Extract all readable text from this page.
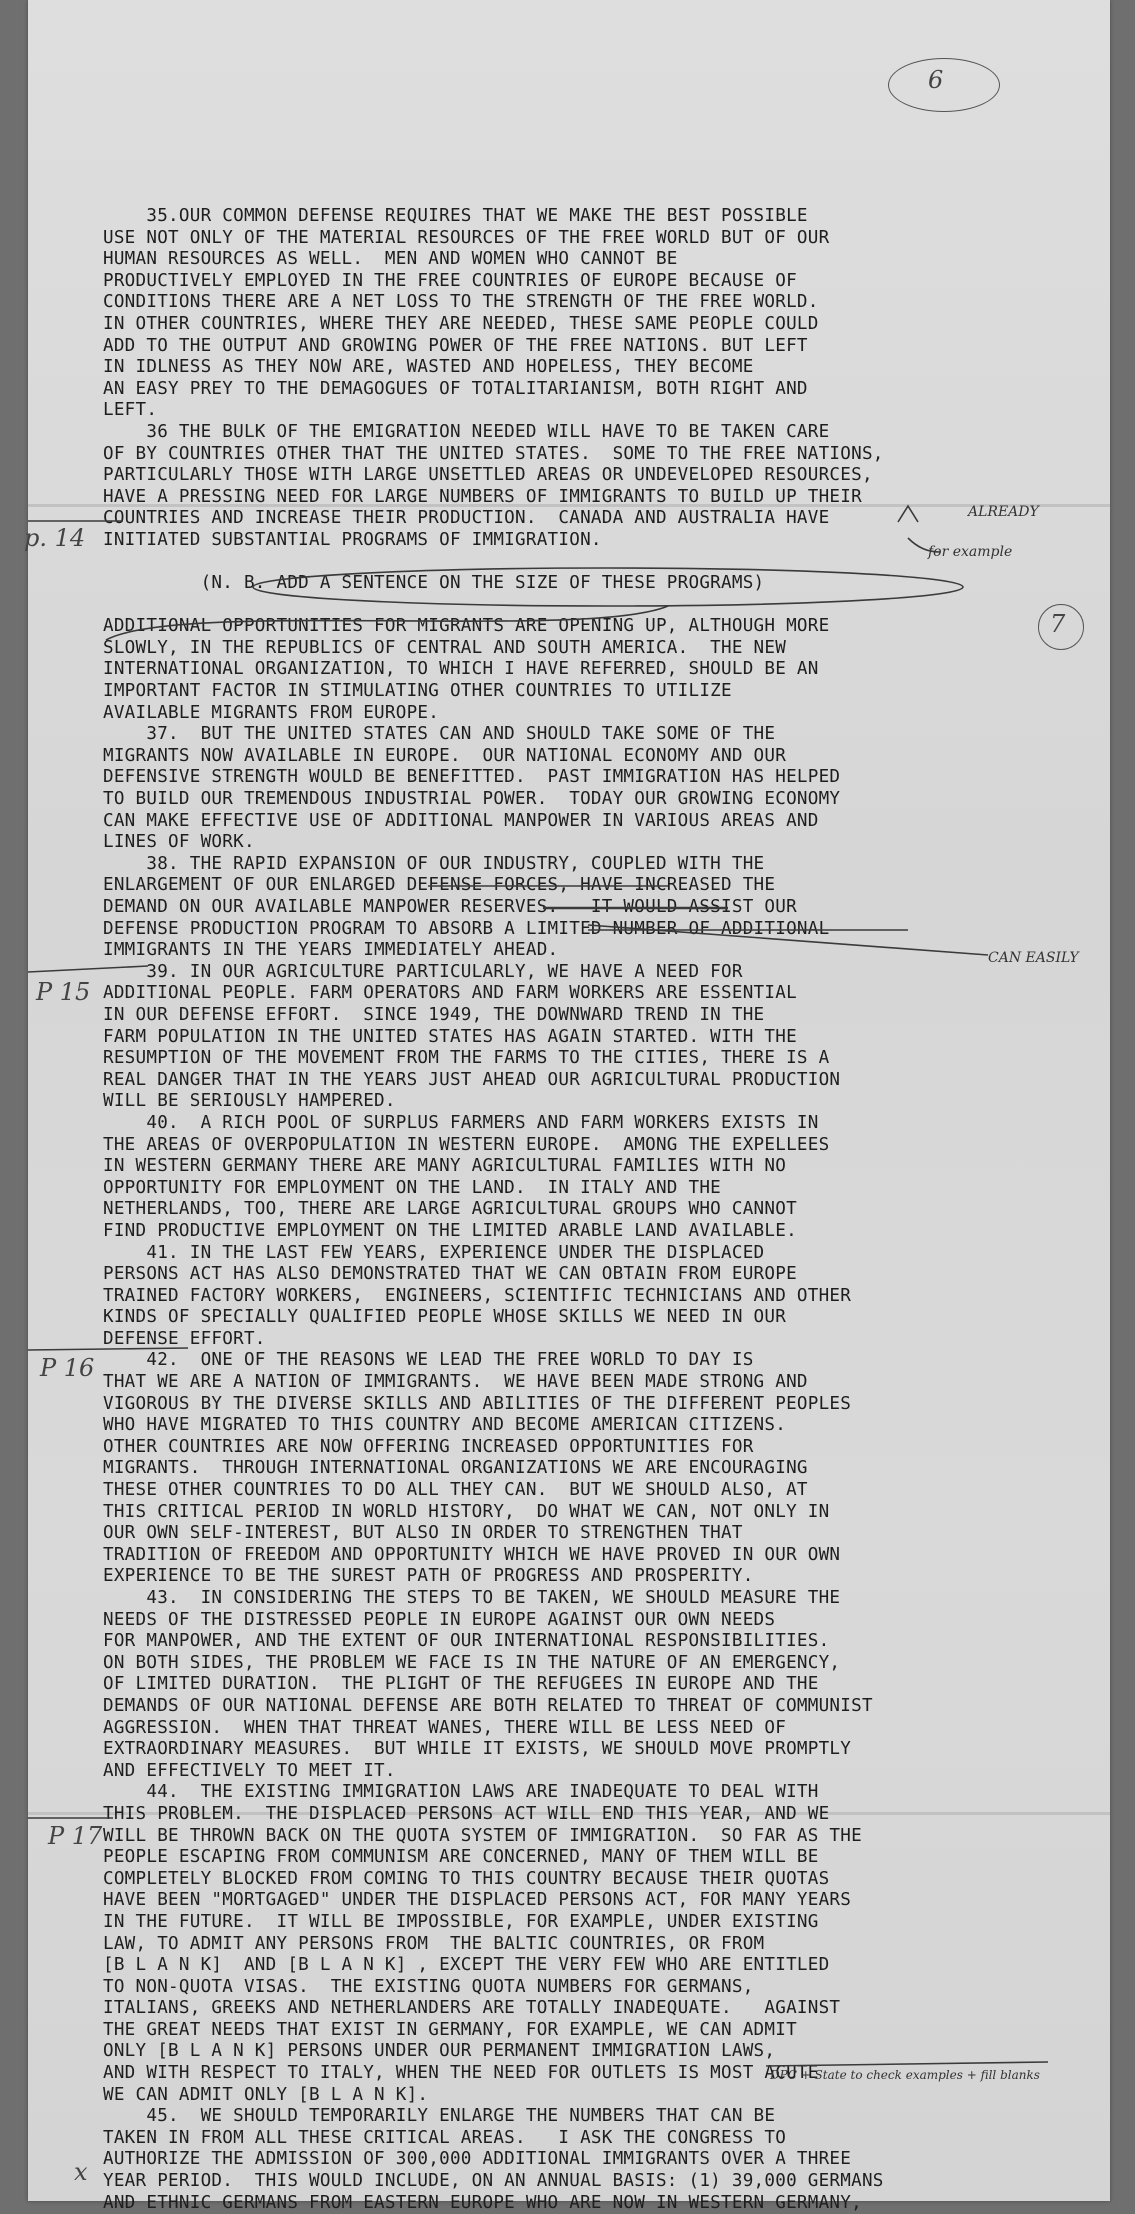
35.OUR COMMON DEFENSE REQUIRES THAT WE MAKE THE BEST POSSIBLE
USE NOT ONLY OF THE MATERIAL RESOURCES OF THE FREE WORLD BUT OF OUR
HUMAN RESOURCES AS WELL.  MEN AND WOMEN WHO CANNOT BE
PRODUCTIVELY EMPLOYED IN THE FREE COUNTRIES OF EUROPE BECAUSE OF
CONDITIONS THERE ARE A NET LOSS TO THE STRENGTH OF THE FREE WORLD.
IN OTHER COUNTRIES, WHERE THEY ARE NEEDED, THESE SAME PEOPLE COULD
ADD TO THE OUTPUT AND GROWING POWER OF THE FREE NATIONS. BUT LEFT
IN IDLNESS AS THEY NOW ARE, WASTED AND HOPELESS, THEY BECOME
AN EASY PREY TO THE DEMAGOGUES OF TOTALITARIANISM, BOTH RIGHT AND
LEFT.
36 THE BULK OF THE EMIGRATION NEEDED WILL HAVE TO BE TAKEN CARE
OF BY COUNTRIES OTHER THAT THE UNITED STATES.  SOME TO THE FREE NATIONS,
PARTICULARLY THOSE WITH LARGE UNSETTLED AREAS OR UNDEVELOPED RESOURCES,
HAVE A PRESSING NEED FOR LARGE NUMBERS OF IMMIGRANTS TO BUILD UP THEIR
COUNTRIES AND INCREASE THEIR PRODUCTION.  CANADA AND AUSTRALIA HAVE
INITIATED SUBSTANTIAL PROGRAMS OF IMMIGRATION.
(N. B. ADD A SENTENCE ON THE SIZE OF THESE PROGRAMS)
ADDITIONAL OPPORTUNITIES FOR MIGRANTS ARE OPENING UP, ALTHOUGH MORE
SLOWLY, IN THE REPUBLICS OF CENTRAL AND SOUTH AMERICA.  THE NEW
INTERNATIONAL ORGANIZATION, TO WHICH I HAVE REFERRED, SHOULD BE AN
IMPORTANT FACTOR IN STIMULATING OTHER COUNTRIES TO UTILIZE
AVAILABLE MIGRANTS FROM EUROPE.
37.  BUT THE UNITED STATES CAN AND SHOULD TAKE SOME OF THE
MIGRANTS NOW AVAILABLE IN EUROPE.  OUR NATIONAL ECONOMY AND OUR
DEFENSIVE STRENGTH WOULD BE BENEFITTED.  PAST IMMIGRATION HAS HELPED
TO BUILD OUR TREMENDOUS INDUSTRIAL POWER.  TODAY OUR GROWING ECONOMY
CAN MAKE EFFECTIVE USE OF ADDITIONAL MANPOWER IN VARIOUS AREAS AND
LINES OF WORK.
38. THE RAPID EXPANSION OF OUR INDUSTRY, COUPLED WITH THE
ENLARGEMENT OF OUR ENLARGED DEFENSE FORCES, HAVE INCREASED THE
DEMAND ON OUR AVAILABLE MANPOWER RESERVES.   IT WOULD ASSIST OUR
DEFENSE PRODUCTION PROGRAM TO ABSORB A LIMITED NUMBER OF ADDITIONAL
IMMIGRANTS IN THE YEARS IMMEDIATELY AHEAD.
39. IN OUR AGRICULTURE PARTICULARLY, WE HAVE A NEED FOR
ADDITIONAL PEOPLE. FARM OPERATORS AND FARM WORKERS ARE ESSENTIAL
IN OUR DEFENSE EFFORT.  SINCE 1949, THE DOWNWARD TREND IN THE
FARM POPULATION IN THE UNITED STATES HAS AGAIN STARTED. WITH THE
RESUMPTION OF THE MOVEMENT FROM THE FARMS TO THE CITIES, THERE IS A
REAL DANGER THAT IN THE YEARS JUST AHEAD OUR AGRICULTURAL PRODUCTION
WILL BE SERIOUSLY HAMPERED.
40.  A RICH POOL OF SURPLUS FARMERS AND FARM WORKERS EXISTS IN
THE AREAS OF OVERPOPULATION IN WESTERN EUROPE.  AMONG THE EXPELLEES
IN WESTERN GERMANY THERE ARE MANY AGRICULTURAL FAMILIES WITH NO
OPPORTUNITY FOR EMPLOYMENT ON THE LAND.  IN ITALY AND THE
NETHERLANDS, TOO, THERE ARE LARGE AGRICULTURAL GROUPS WHO CANNOT
FIND PRODUCTIVE EMPLOYMENT ON THE LIMITED ARABLE LAND AVAILABLE.
41. IN THE LAST FEW YEARS, EXPERIENCE UNDER THE DISPLACED
PERSONS ACT HAS ALSO DEMONSTRATED THAT WE CAN OBTAIN FROM EUROPE
TRAINED FACTORY WORKERS,  ENGINEERS, SCIENTIFIC TECHNICIANS AND OTHER
KINDS OF SPECIALLY QUALIFIED PEOPLE WHOSE SKILLS WE NEED IN OUR
DEFENSE EFFORT.
42.  ONE OF THE REASONS WE LEAD THE FREE WORLD TO DAY IS
THAT WE ARE A NATION OF IMMIGRANTS.  WE HAVE BEEN MADE STRONG AND
VIGOROUS BY THE DIVERSE SKILLS AND ABILITIES OF THE DIFFERENT PEOPLES
WHO HAVE MIGRATED TO THIS COUNTRY AND BECOME AMERICAN CITIZENS.
OTHER COUNTRIES ARE NOW OFFERING INCREASED OPPORTUNITIES FOR
MIGRANTS.  THROUGH INTERNATIONAL ORGANIZATIONS WE ARE ENCOURAGING
THESE OTHER COUNTRIES TO DO ALL THEY CAN.  BUT WE SHOULD ALSO, AT
THIS CRITICAL PERIOD IN WORLD HISTORY,  DO WHAT WE CAN, NOT ONLY IN
OUR OWN SELF-INTEREST, BUT ALSO IN ORDER TO STRENGTHEN THAT
TRADITION OF FREEDOM AND OPPORTUNITY WHICH WE HAVE PROVED IN OUR OWN
EXPERIENCE TO BE THE SUREST PATH OF PROGRESS AND PROSPERITY.
43.  IN CONSIDERING THE STEPS TO BE TAKEN, WE SHOULD MEASURE THE
NEEDS OF THE DISTRESSED PEOPLE IN EUROPE AGAINST OUR OWN NEEDS
FOR MANPOWER, AND THE EXTENT OF OUR INTERNATIONAL RESPONSIBILITIES.
ON BOTH SIDES, THE PROBLEM WE FACE IS IN THE NATURE OF AN EMERGENCY,
OF LIMITED DURATION.  THE PLIGHT OF THE REFUGEES IN EUROPE AND THE
DEMANDS OF OUR NATIONAL DEFENSE ARE BOTH RELATED TO THREAT OF COMMUNIST
AGGRESSION.  WHEN THAT THREAT WANES, THERE WILL BE LESS NEED OF
EXTRAORDINARY MEASURES.  BUT WHILE IT EXISTS, WE SHOULD MOVE PROMPTLY
AND EFFECTIVELY TO MEET IT.
44.  THE EXISTING IMMIGRATION LAWS ARE INADEQUATE TO DEAL WITH
THIS PROBLEM.  THE DISPLACED PERSONS ACT WILL END THIS YEAR, AND WE
WILL BE THROWN BACK ON THE QUOTA SYSTEM OF IMMIGRATION.  SO FAR AS THE
PEOPLE ESCAPING FROM COMMUNISM ARE CONCERNED, MANY OF THEM WILL BE
COMPLETELY BLOCKED FROM COMING TO THIS COUNTRY BECAUSE THEIR QUOTAS
HAVE BEEN "MORTGAGED" UNDER THE DISPLACED PERSONS ACT, FOR MANY YEARS
IN THE FUTURE.  IT WILL BE IMPOSSIBLE, FOR EXAMPLE, UNDER EXISTING
LAW, TO ADMIT ANY PERSONS FROM  THE BALTIC COUNTRIES, OR FROM
[B L A N K]  AND [B L A N K] , EXCEPT THE VERY FEW WHO ARE ENTITLED
TO NON-QUOTA VISAS.  THE EXISTING QUOTA NUMBERS FOR GERMANS,
ITALIANS, GREEKS AND NETHERLANDERS ARE TOTALLY INADEQUATE.   AGAINST
THE GREAT NEEDS THAT EXIST IN GERMANY, FOR EXAMPLE, WE CAN ADMIT
ONLY [B L A N K] PERSONS UNDER OUR PERMANENT IMMIGRATION LAWS,
AND WITH RESPECT TO ITALY, WHEN THE NEED FOR OUTLETS IS MOST ACUTE
WE CAN ADMIT ONLY [B L A N K].
45.  WE SHOULD TEMPORARILY ENLARGE THE NUMBERS THAT CAN BE
TAKEN IN FROM ALL THESE CRITICAL AREAS.   I ASK THE CONGRESS TO
AUTHORIZE THE ADMISSION OF 300,000 ADDITIONAL IMMIGRANTS OVER A THREE
YEAR PERIOD.  THIS WOULD INCLUDE, ON AN ANNUAL BASIS: (1) 39,000 GERMANS
AND ETHNIC GERMANS FROM EASTERN EUROPE WHO ARE NOW IN WESTERN GERMANY,
6
7
p. 14
P 15
P 16
P 17
ALREADY
for example
CAN EASILY
DPC + State to check examples + fill blanks
x
